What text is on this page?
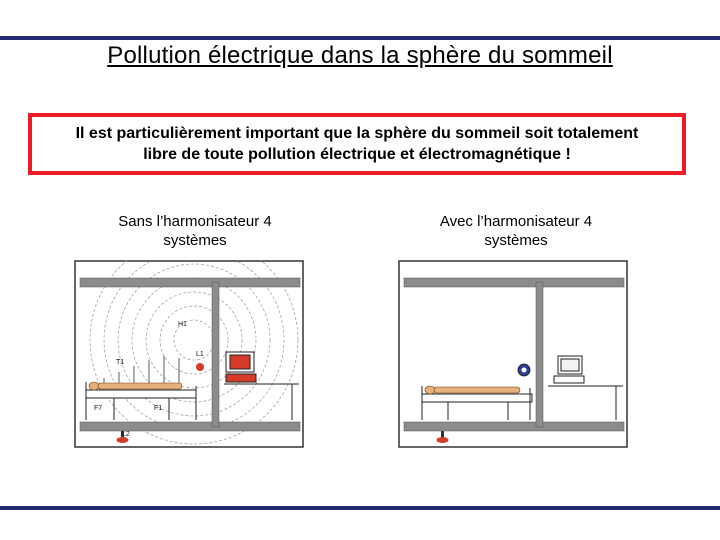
Pollution électrique dans la sphère du sommeil
Il est particulièrement important que la sphère du sommeil soit totalement
libre de toute pollution électrique et électromagnétique !
Sans l’harmonisateur 4
systèmes
Avec l’harmonisateur 4
systèmes
H1
L1
T1
F7	F1
L2
